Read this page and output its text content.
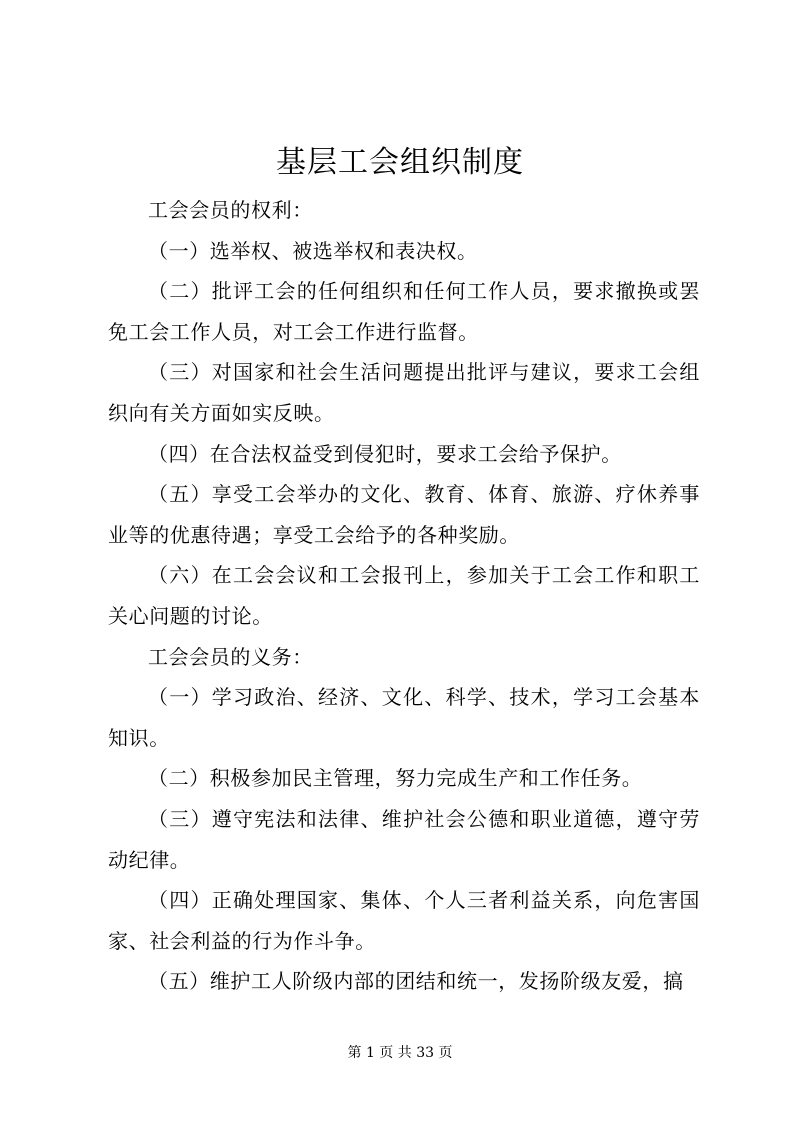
基层工会组织制度

工会会员的权利：

（一）选举权、被选举权和表决权。

（二）批评工会的任何组织和任何工作人员，要求撤换或罢免工会工作人员，对工会工作进行监督。

（三）对国家和社会生活问题提出批评与建议，要求工会组织向有关方面如实反映。

（四）在合法权益受到侵犯时，要求工会给予保护。

（五）享受工会举办的文化、教育、体育、旅游、疗休养事业等的优惠待遇；享受工会给予的各种奖励。

（六）在工会会议和工会报刊上，参加关于工会工作和职工关心问题的讨论。

工会会员的义务：

（一）学习政治、经济、文化、科学、技术，学习工会基本知识。

（二）积极参加民主管理，努力完成生产和工作任务。

（三）遵守宪法和法律、维护社会公德和职业道德，遵守劳动纪律。

（四）正确处理国家、集体、个人三者利益关系，向危害国家、社会利益的行为作斗争。

（五）维护工人阶级内部的团结和统一，发扬阶级友爱，搞

第 1 页 共 33 页
